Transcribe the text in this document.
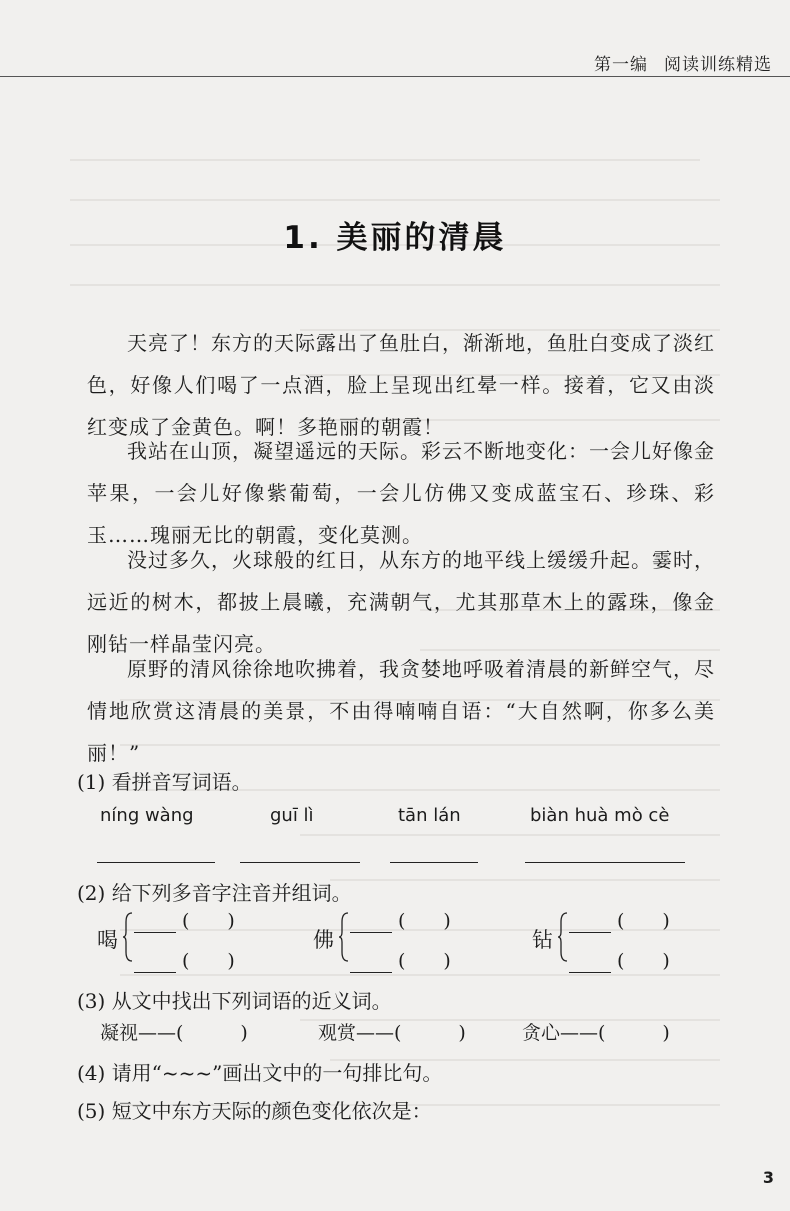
第一编 阅读训练精选
1. 美丽的清晨

天亮了！东方的天际露出了鱼肚白，渐渐地，鱼肚白变成了淡红色，好像人们喝了一点酒，脸上呈现出红晕一样。接着，它又由淡红变成了金黄色。啊！多艳丽的朝霞！

我站在山顶，凝望遥远的天际。彩云不断地变化：一会儿好像金苹果，一会儿好像紫葡萄，一会儿仿佛又变成蓝宝石、珍珠、彩玉……瑰丽无比的朝霞，变化莫测。

没过多久，火球般的红日，从东方的地平线上缓缓升起。霎时，远近的树木，都披上晨曦，充满朝气，尤其那草木上的露珠，像金刚钻一样晶莹闪亮。

原野的清风徐徐地吹拂着，我贪婪地呼吸着清晨的新鲜空气，尽情地欣赏这清晨的美景，不由得喃喃自语：“大自然啊，你多么美丽！”

(1) 看拼音写词语。
níng wàng	guī lì	tān lán	biàn huà mò cè
(2) 给下列多音字注音并组词。
喝
(　　)
(　　)
佛
(　　)
(　　)
钻
(　　)
(　　)
(3) 从文中找出下列词语的近义词。
凝视——(　　　)	观赏——(　　　)	贪心——(　　　)
(4) 请用“~~~”画出文中的一句排比句。
(5) 短文中东方天际的颜色变化依次是：
3
